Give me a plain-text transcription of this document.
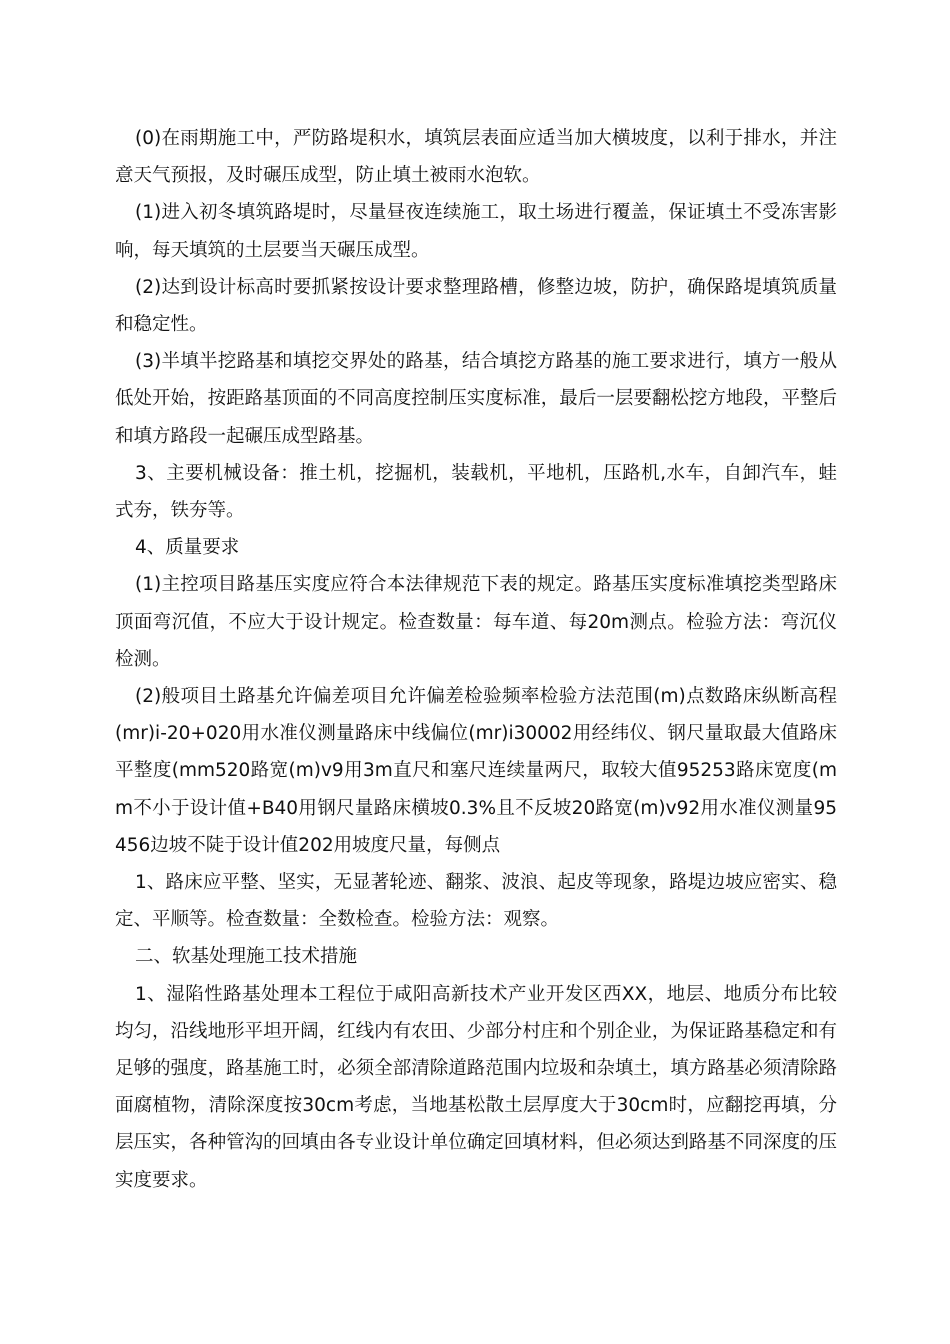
(0)在雨期施工中，严防路堤积水，填筑层表面应适当加大横坡度，以利于排水，并注意天气预报，及时碾压成型，防止填土被雨水泡软。

(1)进入初冬填筑路堤时，尽量昼夜连续施工，取土场进行覆盖，保证填土不受冻害影响，每天填筑的土层要当天碾压成型。

(2)达到设计标高时要抓紧按设计要求整理路槽，修整边坡，防护，确保路堤填筑质量和稳定性。

(3)半填半挖路基和填挖交界处的路基，结合填挖方路基的施工要求进行，填方一般从低处开始，按距路基顶面的不同高度控制压实度标准，最后一层要翻松挖方地段，平整后和填方路段一起碾压成型路基。

3、主要机械设备：推土机，挖掘机，装载机，平地机，压路机,水车，自卸汽车，蛙式夯，铁夯等。

4、质量要求

(1)主控项目路基压实度应符合本法律规范下表的规定。路基压实度标准填挖类型路床顶面弯沉值，不应大于设计规定。检查数量：每车道、每20m测点。检验方法：弯沉仪检测。

(2)般项目土路基允许偏差项目允许偏差检验频率检验方法范围(m)点数路床纵断高程(mr)i-20+020用水准仪测量路床中线偏位(mr)i30002用经纬仪、钢尺量取最大值路床平整度(mm520路宽(m)v9用3m直尺和塞尺连续量两尺，取较大值95253路床宽度(mm不小于设计值+B40用钢尺量路床横坡0.3%且不反坡20路宽(m)v92用水准仪测量95456边坡不陡于设计值202用坡度尺量，每侧点

1、路床应平整、坚实，无显著轮迹、翻浆、波浪、起皮等现象，路堤边坡应密实、稳定、平顺等。检查数量：全数检查。检验方法：观察。

二、软基处理施工技术措施

1、湿陷性路基处理本工程位于咸阳高新技术产业开发区西XX，地层、地质分布比较均匀，沿线地形平坦开阔，红线内有农田、少部分村庄和个别企业，为保证路基稳定和有足够的强度，路基施工时，必须全部清除道路范围内垃圾和杂填土，填方路基必须清除路面腐植物，清除深度按30cm考虑，当地基松散土层厚度大于30cm时，应翻挖再填，分层压实，各种管沟的回填由各专业设计单位确定回填材料，但必须达到路基不同深度的压实度要求。
